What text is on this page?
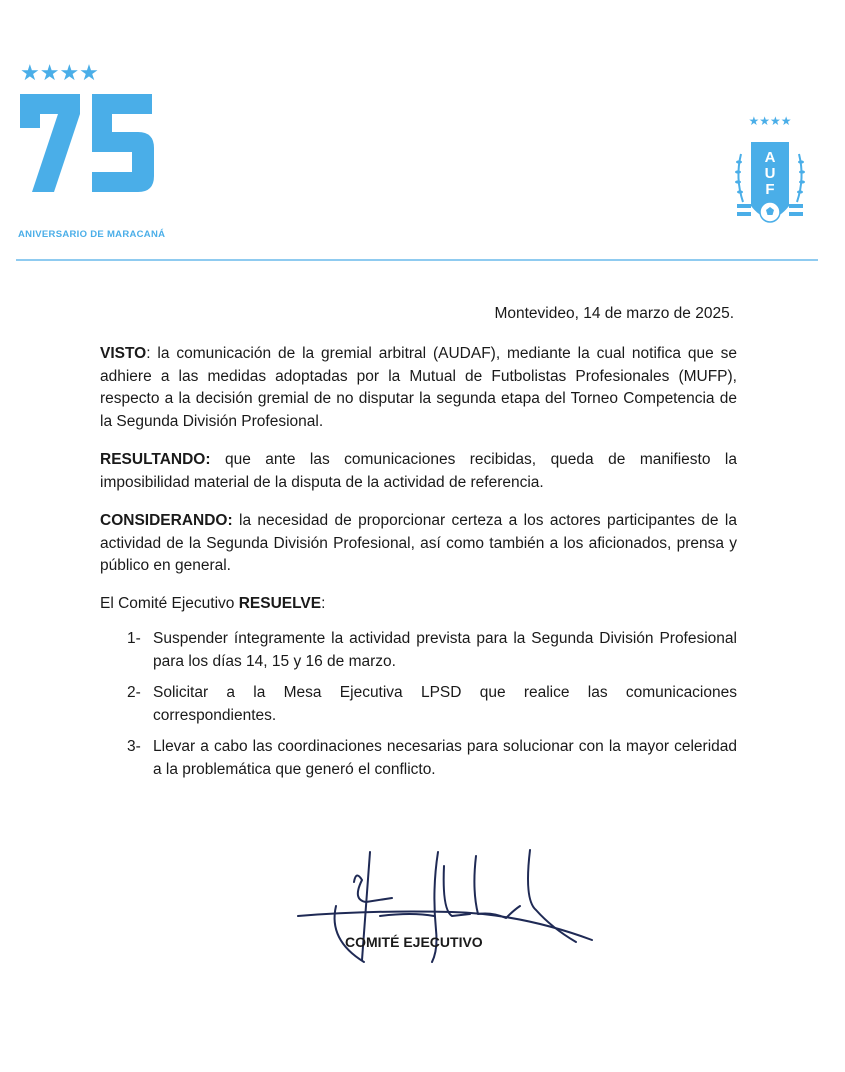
★★★★
ANIVERSARIO DE MARACANÁ
★★★★
A
U
F
Montevideo, 14 de marzo de 2025.

VISTO: la comunicación de la gremial arbitral (AUDAF), mediante la cual notifica que se adhiere a las medidas adoptadas por la Mutual de Futbolistas Profesionales (MUFP), respecto a la decisión gremial de no disputar la segunda etapa del Torneo Competencia de la Segunda División Profesional.

RESULTANDO: que ante las comunicaciones recibidas, queda de manifiesto la imposibilidad material de la disputa de la actividad de referencia.

CONSIDERANDO: la necesidad de proporcionar certeza a los actores participantes de la actividad de la Segunda División Profesional, así como también a los aficionados, prensa y público en general.

El Comité Ejecutivo RESUELVE:

1- Suspender íntegramente la actividad prevista para la Segunda División Profesional para los días 14, 15 y 16 de marzo.
2- Solicitar a la Mesa Ejecutiva LPSD que realice las comunicaciones correspondientes.
3- Llevar a cabo las coordinaciones necesarias para solucionar con la mayor celeridad a la problemática que generó el conflicto.
COMITÉ EJECUTIVO
